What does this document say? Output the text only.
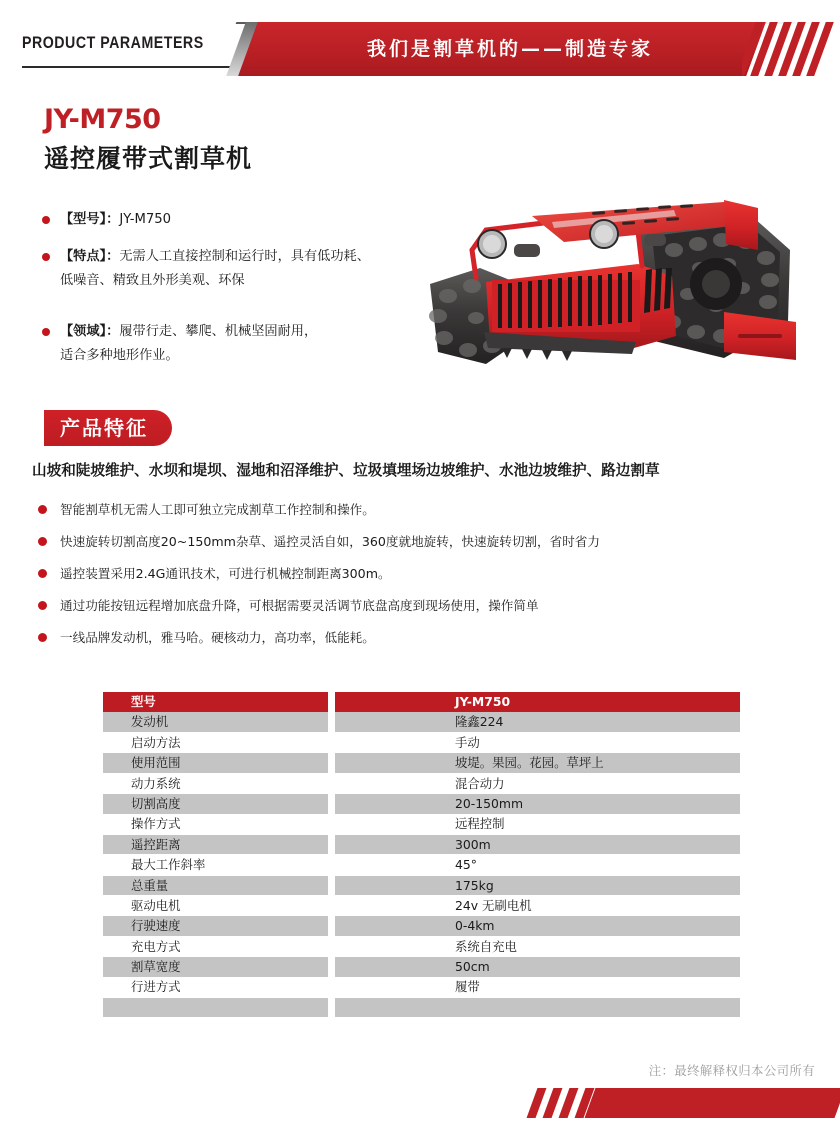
PRODUCT PARAMETERS	我们是割草机的——制造专家
JY-M750
遥控履带式割草机
【型号】：JY-M750
【特点】：无需人工直接控制和运行时，具有低功耗、
低噪音、精致且外形美观、环保
【领域】：履带行走、攀爬、机械坚固耐用，
适合多种地形作业。
产品特征
山坡和陡坡维护、水坝和堤坝、湿地和沼泽维护、垃圾填埋场边坡维护、水池边坡维护、路边割草
智能割草机无需人工即可独立完成割草工作控制和操作。
快速旋转切割高度20~150mm杂草、遥控灵活自如，360度就地旋转，快速旋转切割，省时省力
遥控装置采用2.4G通讯技术，可进行机械控制距离300m。
通过功能按钮远程增加底盘升降，可根据需要灵活调节底盘高度到现场使用，操作简单
一线品牌发动机，雅马哈。硬核动力，高功率，低能耗。
型号	JY-M750
发动机	隆鑫224
启动方法	手动
使用范围	坡堤。果园。花园。草坪上
动力系统	混合动力
切割高度	20-150mm
操作方式	远程控制
遥控距离	300m
最大工作斜率	45°
总重量	175kg
驱动电机	24v 无刷电机
行驶速度	0-4km
充电方式	系统自充电
割草宽度	50cm
行进方式	履带
注：最终解释权归本公司所有
